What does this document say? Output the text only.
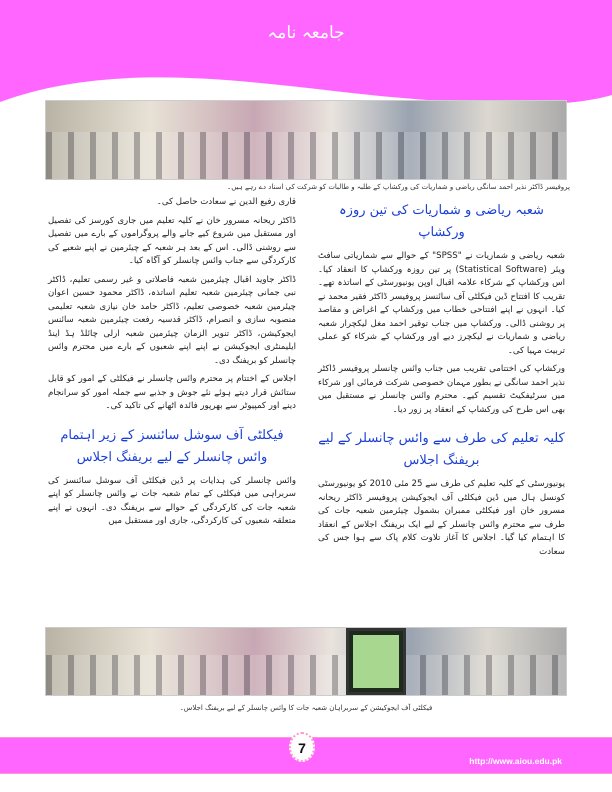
جامعہ نامہ
پروفیسر ڈاکٹر نذیر احمد سانگی ریاضی و شماریات کی ورکشاپ کے طلبہ و طالبات کو شرکت کی اسناد دے رہے ہیں۔
شعبہ ریاضی و شماریات کی تین روزہ ورکشاپ

شعبہ ریاضی و شماریات نے "SPSS" کے حوالے سے شماریاتی سافٹ ویئر (Statistical Software) پر تین روزہ ورکشاپ کا انعقاد کیا۔ اس ورکشاپ کے شرکاء علامہ اقبال اوپن یونیورسٹی کے اساتذہ تھے۔ تقریب کا افتتاح ڈین فیکلٹی آف سائنسز پروفیسر ڈاکٹر فقیر محمد نے کیا۔ انہوں نے اپنے افتتاحی خطاب میں ورکشاپ کے اغراض و مقاصد پر روشنی ڈالی۔ ورکشاپ میں جناب توقیر احمد مغل لیکچرار شعبہ ریاضی و شماریات نے لیکچرز دیے اور ورکشاپ کے شرکاء کو عملی تربیت مہیا کی۔

ورکشاپ کی اختتامی تقریب میں جناب وائس چانسلر پروفیسر ڈاکٹر نذیر احمد سانگی نے بطور مہمان خصوصی شرکت فرمائی اور شرکاء میں سرٹیفکیٹ تقسیم کیے۔ محترم وائس چانسلر نے مستقبل میں بھی اس طرح کی ورکشاپ کے انعقاد پر زور دیا۔

کلیہ تعلیم کی طرف سے وائس چانسلر کے لیے بریفنگ اجلاس

یونیورسٹی کے کلیہ تعلیم کی طرف سے 25 مئی 2010 کو یونیورسٹی کونسل ہال میں ڈین فیکلٹی آف ایجوکیشن پروفیسر ڈاکٹر ریحانہ مسرور خان اور فیکلٹی ممبران بشمول چیئرمین شعبہ جات کی طرف سے محترم وائس چانسلر کے لیے ایک بریفنگ اجلاس کے انعقاد کا اہتمام کیا گیا۔ اجلاس کا آغاز تلاوت کلام پاک سے ہوا جس کی سعادت

قاری رفیع الدین نے سعادت حاصل کی۔

ڈاکٹر ریحانہ مسرور خان نے کلیہ تعلیم میں جاری کورسز کی تفصیل اور مستقبل میں شروع کیے جانے والے پروگراموں کے بارے میں تفصیل سے روشنی ڈالی۔ اس کے بعد ہر شعبہ کے چیئرمین نے اپنے شعبے کی کارکردگی سے جناب وائس چانسلر کو آگاہ کیا۔

ڈاکٹر جاوید اقبال چیئرمین شعبہ فاصلاتی و غیر رسمی تعلیم، ڈاکٹر نبی جمانی چیئرمین شعبہ تعلیم اساتذہ، ڈاکٹر محمود حسین اعوان چیئرمین شعبہ خصوصی تعلیم، ڈاکٹر حامد خان نیازی شعبہ تعلیمی منصوبہ سازی و انصرام، ڈاکٹر قدسیہ رفعت چیئرمین شعبہ سائنس ایجوکیشن، ڈاکٹر تنویر الزمان چیئرمین شعبہ ارلی چائلڈ ہڈ اینڈ ایلیمنٹری ایجوکیشن نے اپنے اپنے شعبوں کے بارے میں محترم وائس چانسلر کو بریفنگ دی۔

اجلاس کے اختتام پر محترم وائس چانسلر نے فیکلٹی کے امور کو قابل ستائش قرار دیتے ہوئے نئے جوش و جذبے سے جملہ امور کو سرانجام دینے اور کمپیوٹر سے بھرپور فائدہ اٹھانے کی تاکید کی۔

فیکلٹی آف سوشل سائنسز کے زیر اہتمام
وائس چانسلر کے لیے بریفنگ اجلاس

وائس چانسلر کی ہدایات پر ڈین فیکلٹی آف سوشل سائنسز کی سربراہی میں فیکلٹی کے تمام شعبہ جات نے وائس چانسلر کو اپنے شعبہ جات کی کارکردگی کے حوالے سے بریفنگ دی۔ انہوں نے اپنے متعلقہ شعبوں کی کارکردگی، جاری اور مستقبل میں

فیکلٹی آف ایجوکیشن کے سربراہان شعبہ جات کا وائس چانسلر کے لیے بریفنگ اجلاس۔
7
http://www.aiou.edu.pk
